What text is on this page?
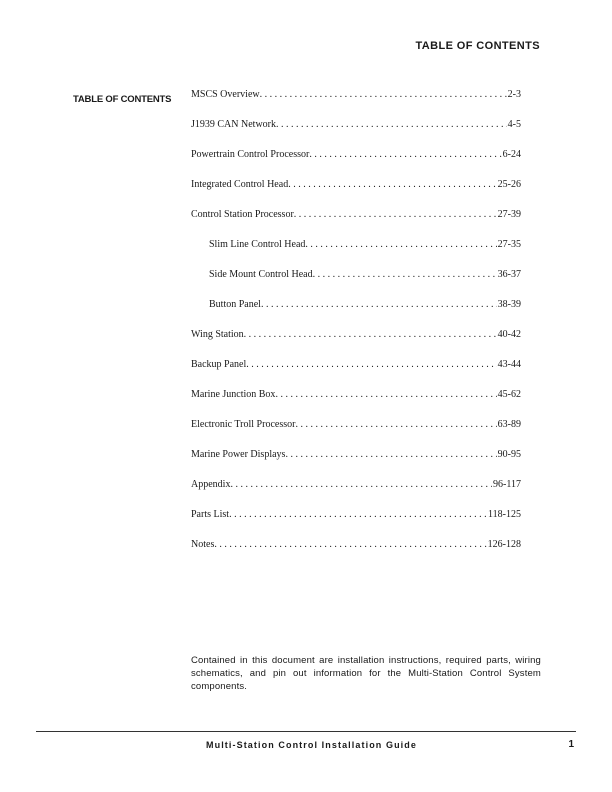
TABLE OF CONTENTS
TABLE OF CONTENTS MSCS Overview . . .	2-3
J1939 CAN Network . . .	4-5
Powertrain Control Processor . . .	6-24
Integrated Control Head . . .	25-26
Control Station Processor . . .	27-39
Slim Line Control Head . . .	27-35
Side Mount Control Head . . .	36-37
Button Panel . . .	38-39
Wing Station . . .	40-42
Backup Panel . . .	43-44
Marine Junction Box . . .	45-62
Electronic Troll Processor . . .	63-89
Marine Power Displays . . .	90-95
Appendix . . .	96-117
Parts List . . .	118-125
Notes . . .	126-128

Contained in this document are installation instructions, required parts, wiring schematics, and pin out information for the Multi-Station Control System components.

Multi-Station Control Installation Guide	1
